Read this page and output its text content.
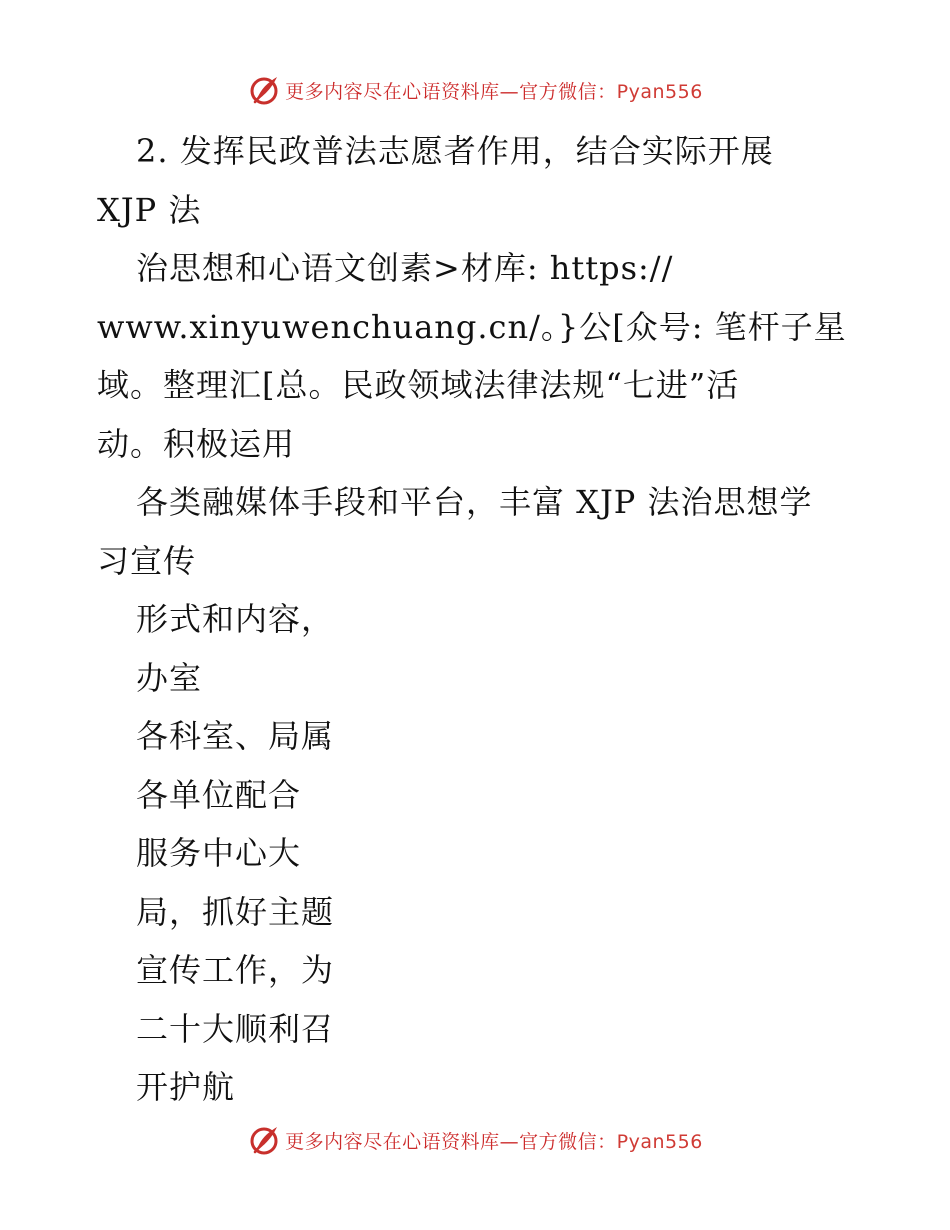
更多内容尽在心语资料库—官方微信：Pyan556
2. 发挥民政普法志愿者作用，结合实际开展
XJP 法
治思想和心语文创素>材库: https://
www.xinyuwenchuang.cn/。}公[众号: 笔杆子星
域。整理汇[总。民政领域法律法规“七进”活
动。积极运用
各类融媒体手段和平台，丰富 XJP 法治思想学
习宣传
形式和内容，
办室
各科室、局属
各单位配合
服务中心大
局，抓好主题
宣传工作，为
二十大顺利召
开护航
更多内容尽在心语资料库—官方微信：Pyan556
